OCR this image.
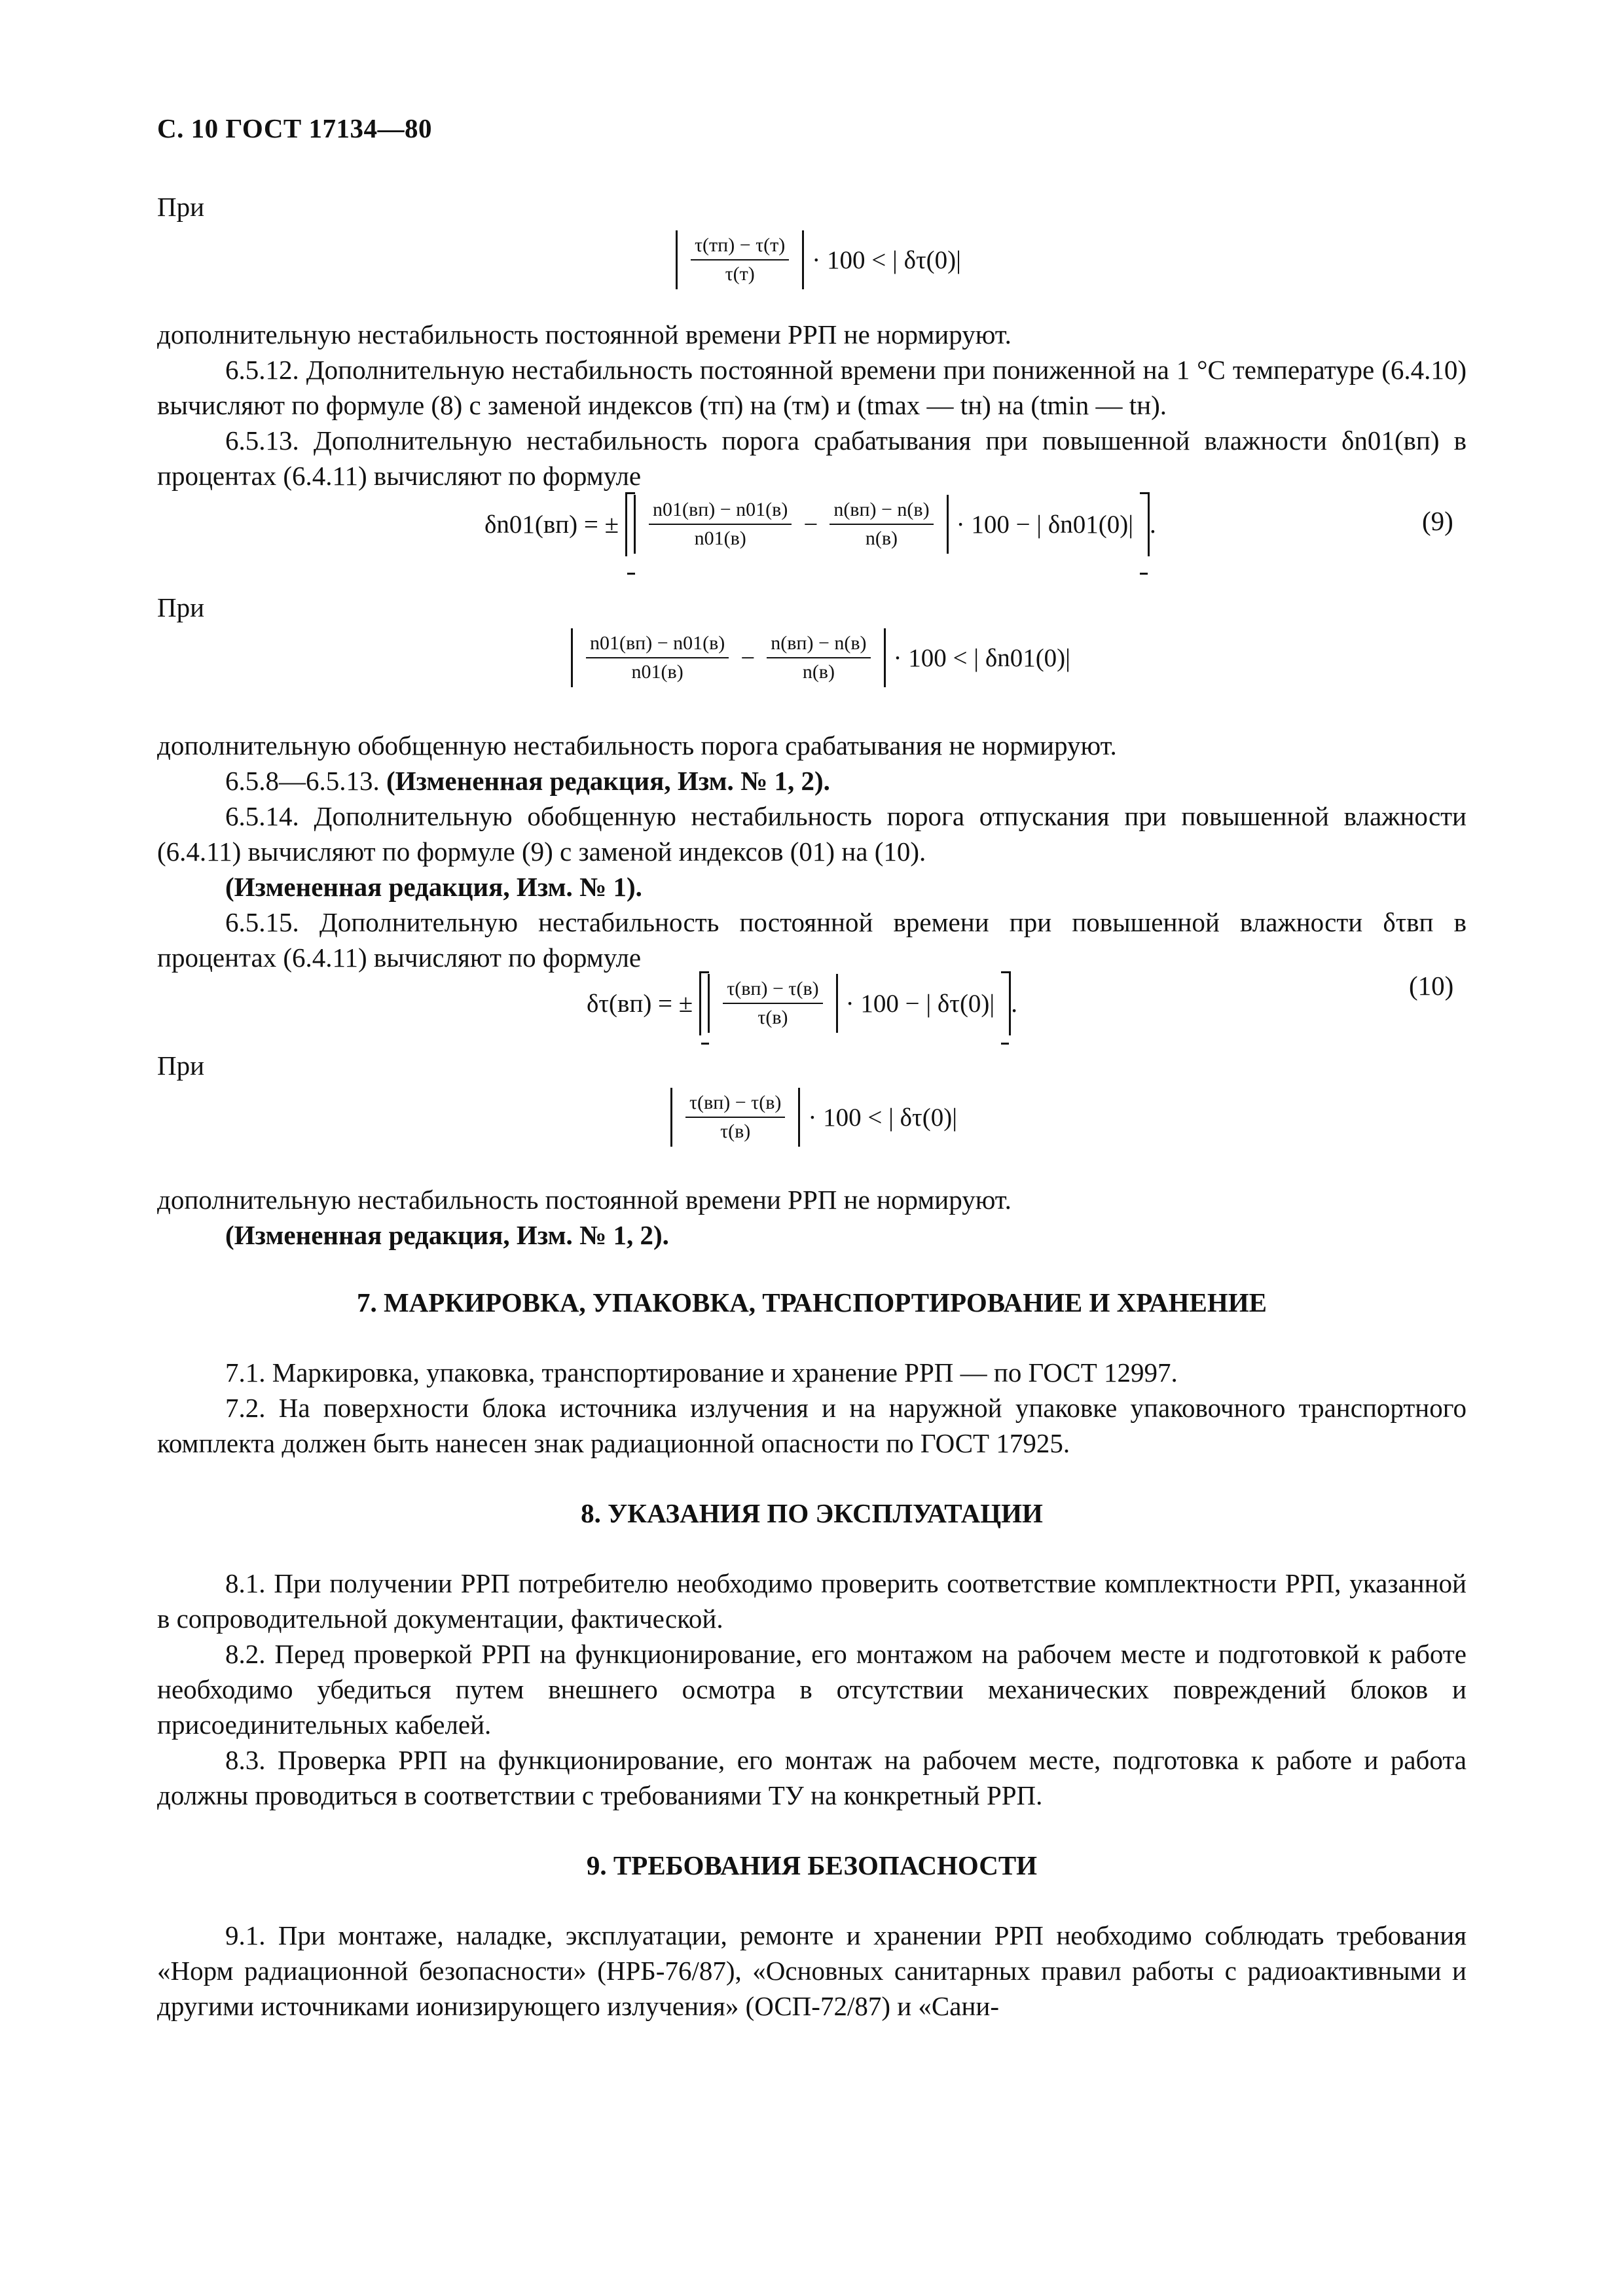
С. 10 ГОСТ 17134—80
При
$\frac{\tau(тп) - \tau(т)}{\tau(т)} \cdot 100$ < | δτ(0)|
дополнительную нестабильность постоянной времени РРП не нормируют.
6.5.12. Дополнительную нестабильность постоянной времени при пониженной на 1 °С температуре (6.4.10) вычисляют по формуле (8) с заменой индексов (тп) на (тм) и (tmax — tн) на (tmin — tн).
6.5.13. Дополнительную нестабильность порога срабатывания при повышенной влажности δn01(вп) в процентах (6.4.11) вычисляют по формуле
δn01(вп) = ± $\frac{n01(вп) - n01(в)}{n01(в)} - \frac{n(вп) - n(в)}{n(в)} \cdot 100$ − | δn01(0)| .	(9)
При
$\frac{n01(вп) - n01(в)}{n01(в)} - \frac{n(вп) - n(в)}{n(в)} \cdot 100$ < | δn01(0)|
дополнительную обобщенную нестабильность порога срабатывания не нормируют.
6.5.8—6.5.13. (Измененная редакция, Изм. № 1, 2).
6.5.14. Дополнительную обобщенную нестабильность порога отпускания при повышенной влажности (6.4.11) вычисляют по формуле (9) с заменой индексов (01) на (10).
(Измененная редакция, Изм. № 1).
6.5.15. Дополнительную нестабильность постоянной времени при повышенной влажности δτвп в процентах (6.4.11) вычисляют по формуле
δτ(вп) = ± $\frac{\tau(вп) - \tau(в)}{\tau(в)} \cdot 100$ − | δτ(0)| .
(10)
При
$\frac{\tau(вп) - \tau(в)}{\tau(в)} \cdot 100$ < | δτ(0)|
дополнительную нестабильность постоянной времени РРП не нормируют.
(Измененная редакция, Изм. № 1, 2).
7. МАРКИРОВКА, УПАКОВКА, ТРАНСПОРТИРОВАНИЕ И ХРАНЕНИЕ
7.1. Маркировка, упаковка, транспортирование и хранение РРП — по ГОСТ 12997.
7.2. На поверхности блока источника излучения и на наружной упаковке упаковочного транспортного комплекта должен быть нанесен знак радиационной опасности по ГОСТ 17925.
8. УКАЗАНИЯ ПО ЭКСПЛУАТАЦИИ
8.1. При получении РРП потребителю необходимо проверить соответствие комплектности РРП, указанной в сопроводительной документации, фактической.
8.2. Перед проверкой РРП на функционирование, его монтажом на рабочем месте и подготовкой к работе необходимо убедиться путем внешнего осмотра в отсутствии механических повреждений блоков и присоединительных кабелей.
8.3. Проверка РРП на функционирование, его монтаж на рабочем месте, подготовка к работе и работа должны проводиться в соответствии с требованиями ТУ на конкретный РРП.
9. ТРЕБОВАНИЯ БЕЗОПАСНОСТИ
9.1. При монтаже, наладке, эксплуатации, ремонте и хранении РРП необходимо соблюдать требования «Норм радиационной безопасности» (НРБ-76/87), «Основных санитарных правил работы с радиоактивными и другими источниками ионизирующего излучения» (ОСП-72/87) и «Сани-
